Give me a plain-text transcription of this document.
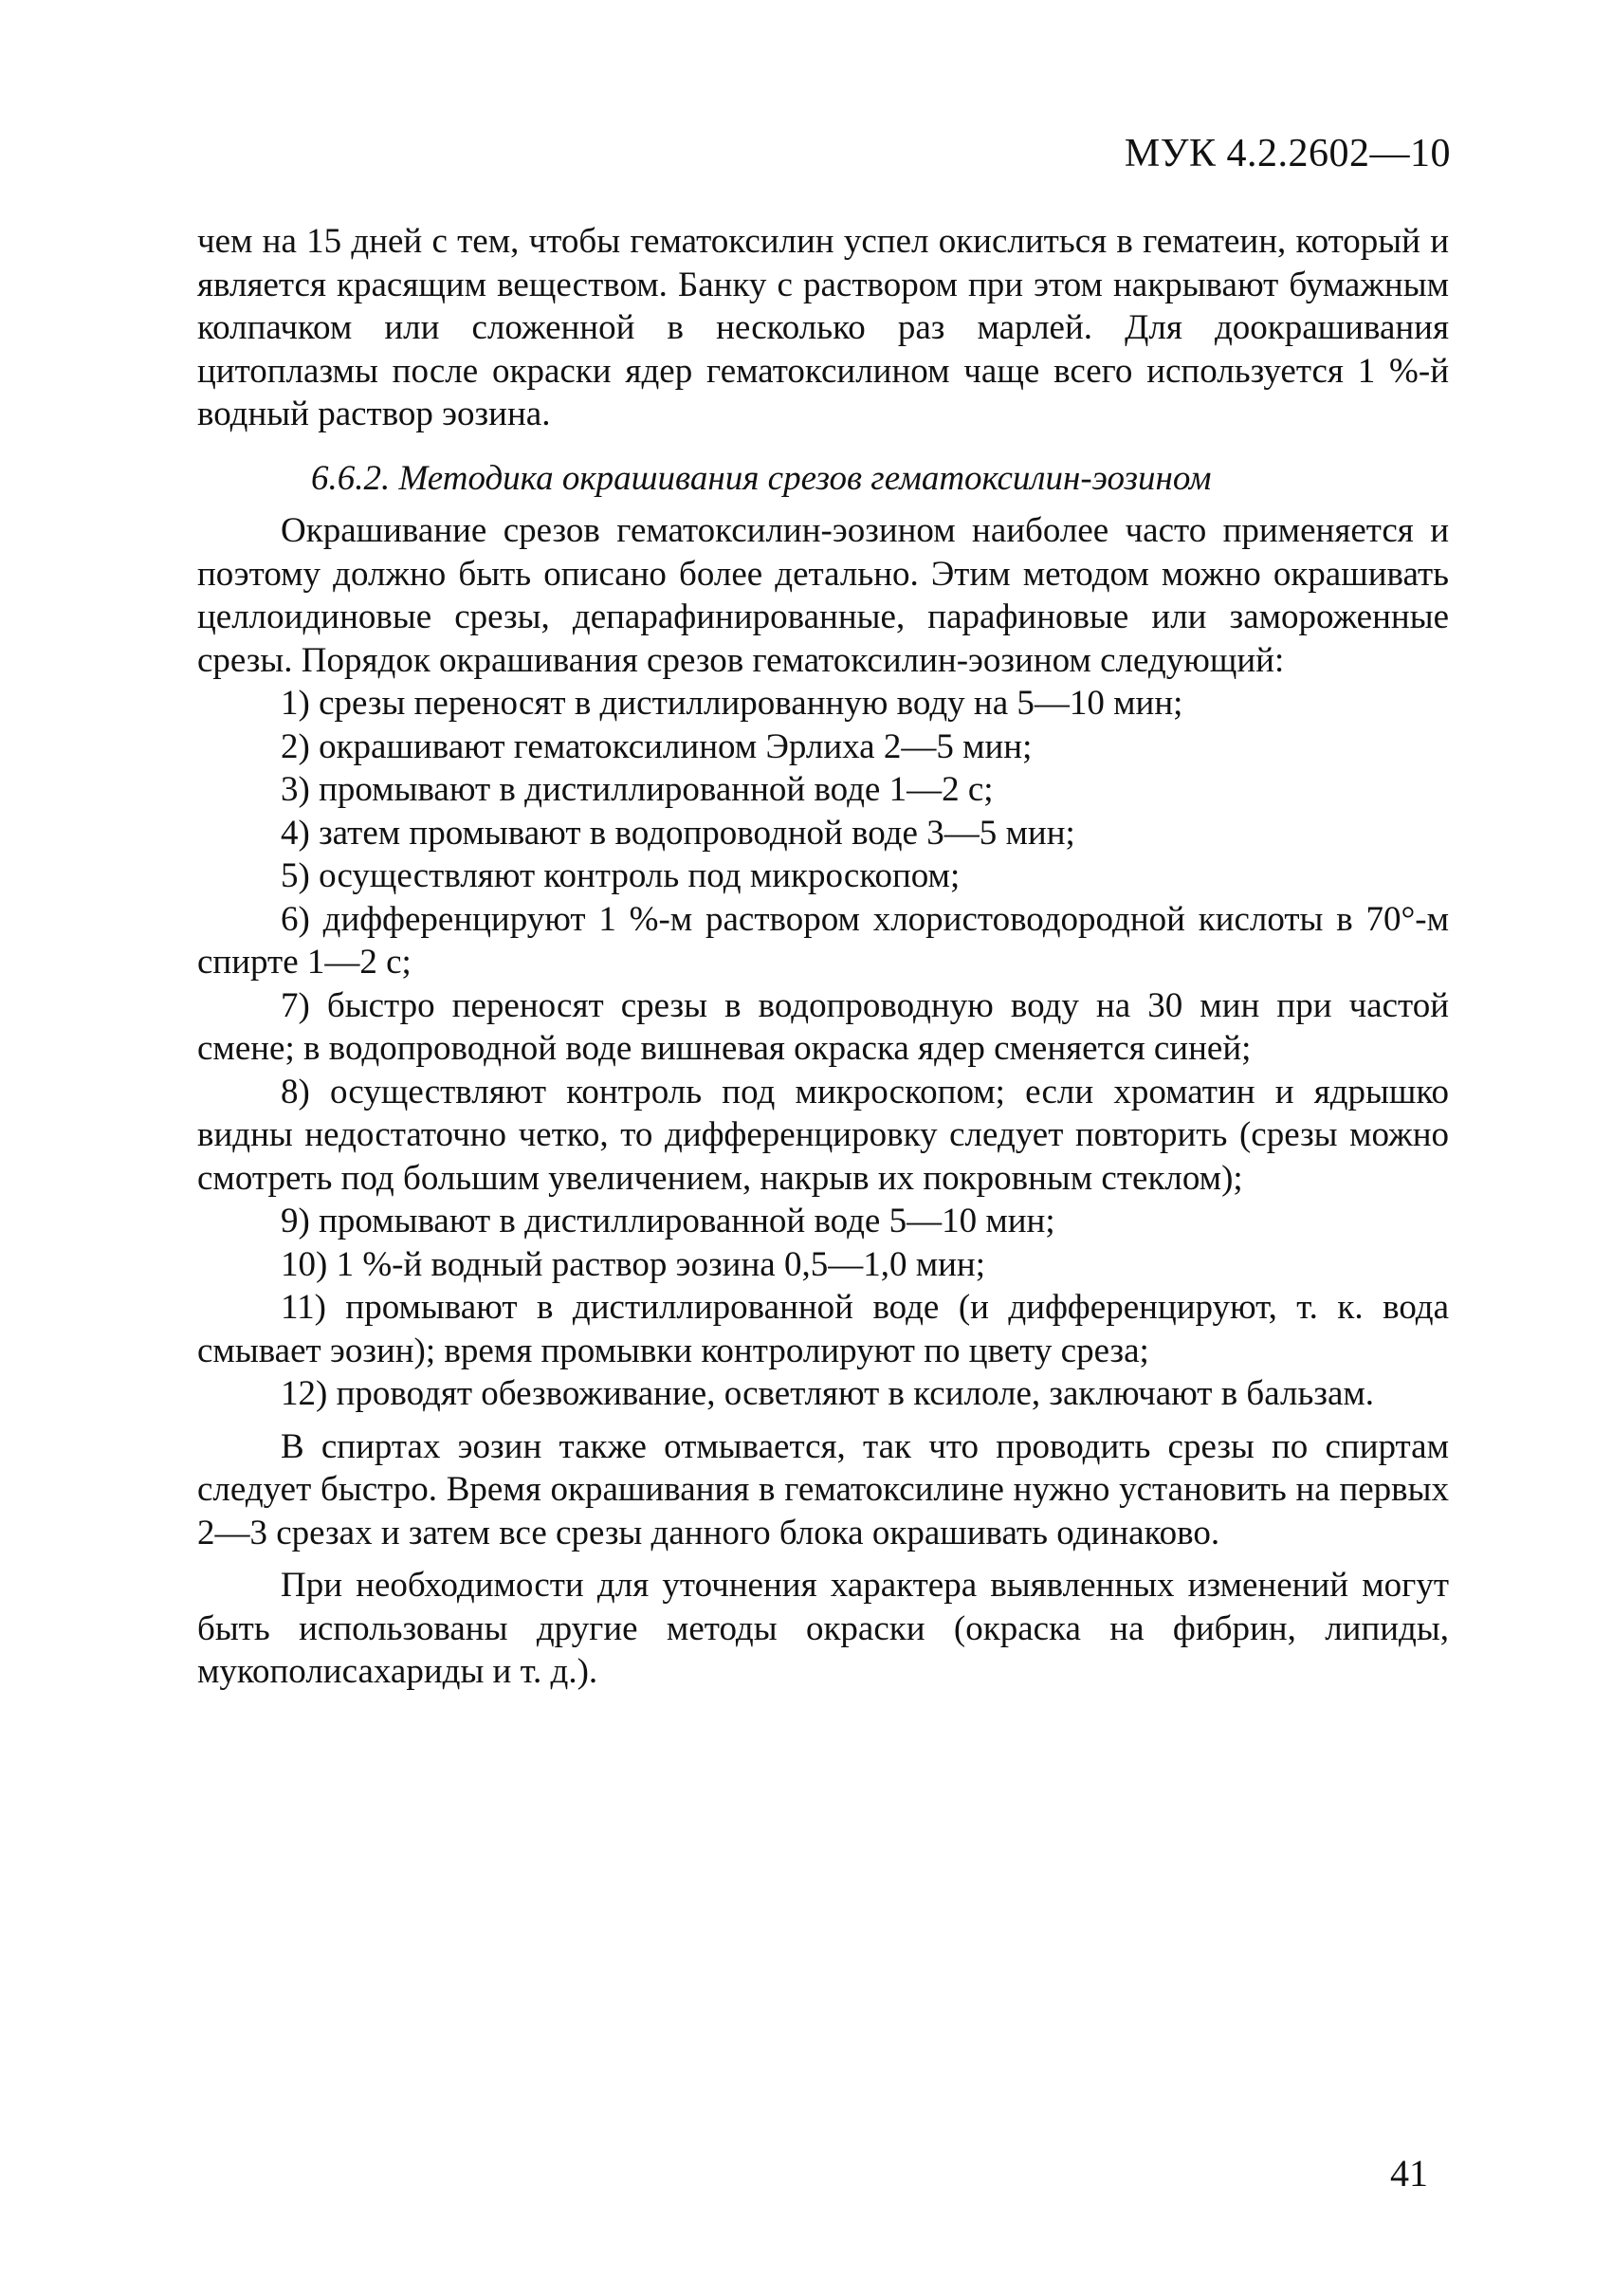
МУК 4.2.2602—10

чем на 15 дней с тем, чтобы гематоксилин успел окислиться в гематеин, который и является красящим веществом. Банку с раствором при этом накрывают бумажным колпачком или сложенной в несколько раз марлей. Для доокрашивания цитоплазмы после окраски ядер гематоксилином чаще всего используется 1 %-й водный раствор эозина.

6.6.2. Методика окрашивания срезов гематоксилин-эозином

Окрашивание срезов гематоксилин-эозином наиболее часто применяется и поэтому должно быть описано более детально. Этим методом можно окрашивать целлоидиновые срезы, депарафинированные, парафиновые или замороженные срезы. Порядок окрашивания срезов гематоксилин-эозином следующий:

1) срезы переносят в дистиллированную воду на 5—10 мин;
2) окрашивают гематоксилином Эрлиха 2—5 мин;
3) промывают в дистиллированной воде 1—2 с;
4) затем промывают в водопроводной воде 3—5 мин;
5) осуществляют контроль под микроскопом;
6) дифференцируют 1 %-м раствором хлористоводородной кислоты в 70°-м спирте 1—2 с;
7) быстро переносят срезы в водопроводную воду на 30 мин при частой смене; в водопроводной воде вишневая окраска ядер сменяется синей;
8) осуществляют контроль под микроскопом; если хроматин и ядрышко видны недостаточно четко, то дифференцировку следует повторить (срезы можно смотреть под большим увеличением, накрыв их покровным стеклом);
9) промывают в дистиллированной воде 5—10 мин;
10) 1 %-й водный раствор эозина 0,5—1,0 мин;
11) промывают в дистиллированной воде (и дифференцируют, т. к. вода смывает эозин); время промывки контролируют по цвету среза;
12) проводят обезвоживание, осветляют в ксилоле, заключают в бальзам.

В спиртах эозин также отмывается, так что проводить срезы по спиртам следует быстро. Время окрашивания в гематоксилине нужно установить на первых 2—3 срезах и затем все срезы данного блока окрашивать одинаково.

При необходимости для уточнения характера выявленных изменений могут быть использованы другие методы окраски (окраска на фибрин, липиды, мукополисахариды и т. д.).

41
